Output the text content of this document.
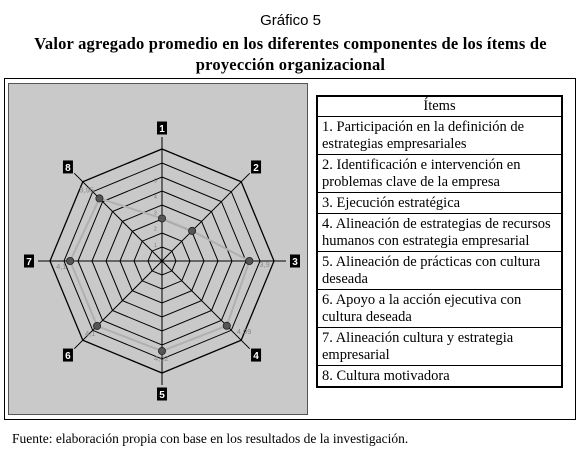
Gráfico 5
Valor agregado promedio en los diferentes componentes de los ítems de proyección organizacional
1
2
3
4
5
3,9
4,09
4,02
4,1
4,1
3,95
1
2
3
4
5
6
7
8
Ítems
1. Participación en la definición de estrategias empresariales
2. Identificación e intervención en problemas clave de la empresa
3. Ejecución estratégica
4. Alineación de estrategias de recursos humanos con estrategia empresarial
5. Alineación de prácticas con cultura deseada
6. Apoyo a la acción ejecutiva con cultura deseada
7. Alineación cultura y estrategia empresarial
8. Cultura motivadora
Fuente: elaboración propia con base en los resultados de la investigación.
